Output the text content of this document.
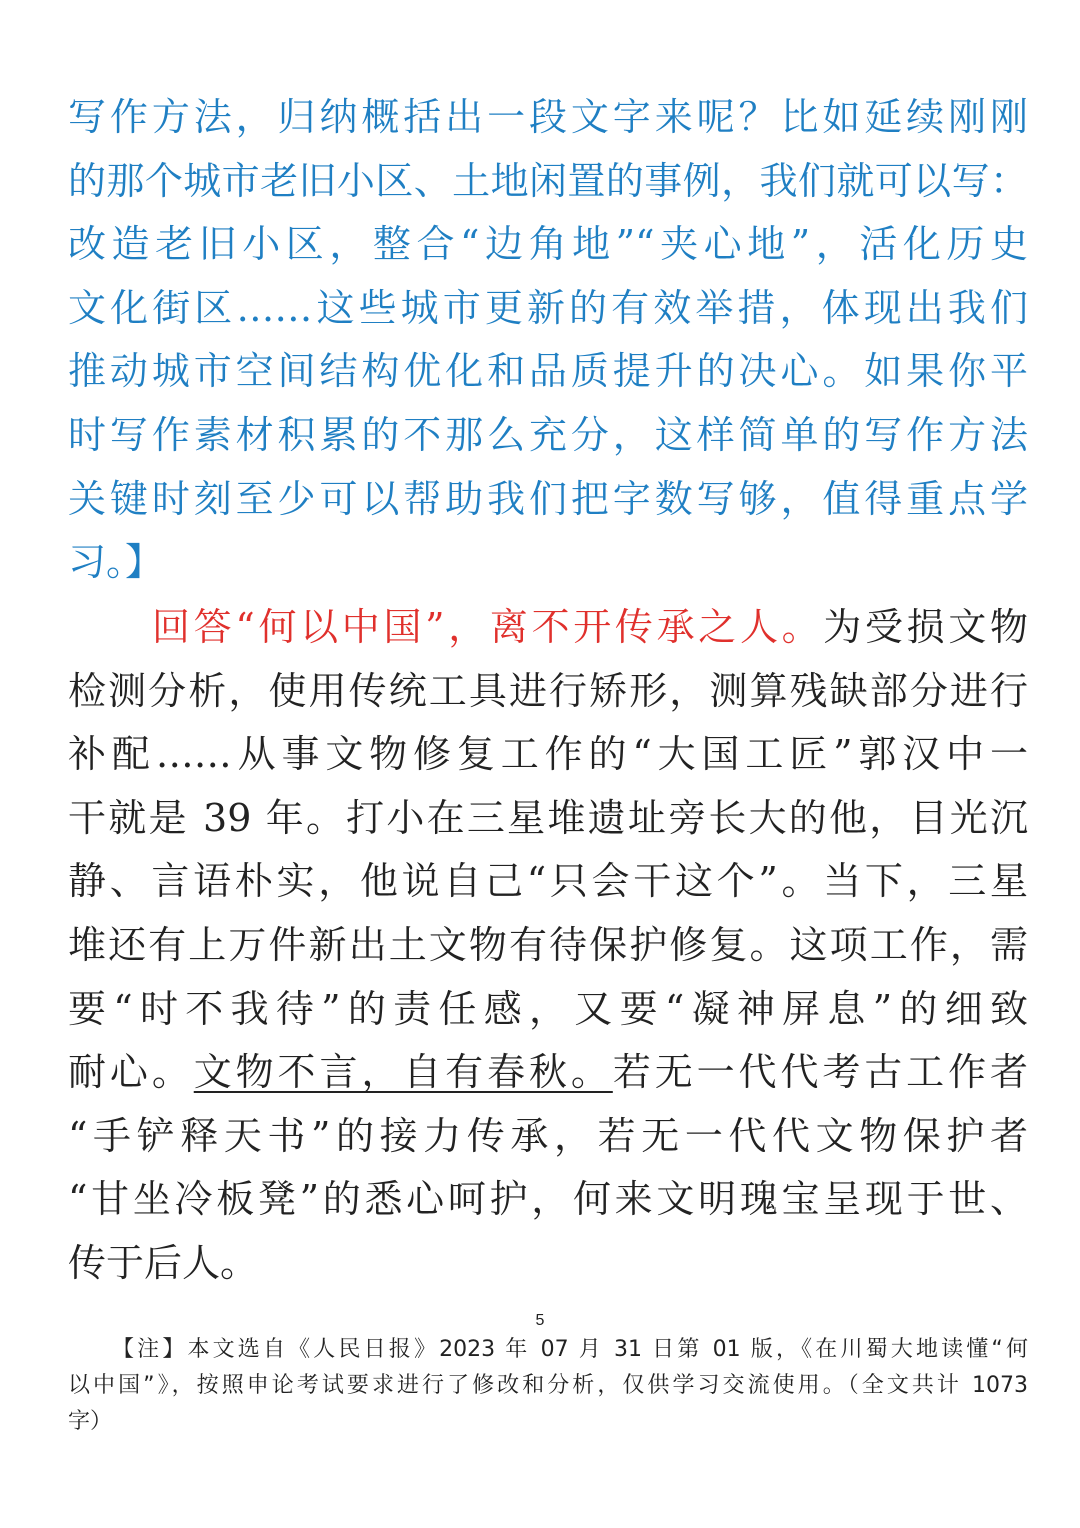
写作方法，归纳概括出一段文字来呢？比如延续刚刚
的那个城市老旧小区、土地闲置的事例，我们就可以写：
改造老旧小区，整合“边角地”“夹心地”，活化历史
文化街区……这些城市更新的有效举措，体现出我们
推动城市空间结构优化和品质提升的决心。如果你平
时写作素材积累的不那么充分，这样简单的写作方法
关键时刻至少可以帮助我们把字数写够，值得重点学
习。】
回答“何以中国”，离不开传承之人。为受损文物
检测分析，使用传统工具进行矫形，测算残缺部分进行
补配……从事文物修复工作的“大国工匠”郭汉中一
干就是 39 年。打小在三星堆遗址旁长大的他，目光沉
静、言语朴实，他说自己“只会干这个”。当下，三星
堆还有上万件新出土文物有待保护修复。这项工作，需
要“时不我待”的责任感，又要“凝神屏息”的细致
耐心。文物不言，自有春秋。若无一代代考古工作者
“手铲释天书”的接力传承，若无一代代文物保护者
“甘坐冷板凳”的悉心呵护，何来文明瑰宝呈现于世、
传于后人。
5
【注】本文选自《人民日报》2023 年 07 月 31 日第 01 版，《在川蜀大地读懂“何
以中国”》，按照申论考试要求进行了修改和分析，仅供学习交流使用。（全文共计 1073
字）
